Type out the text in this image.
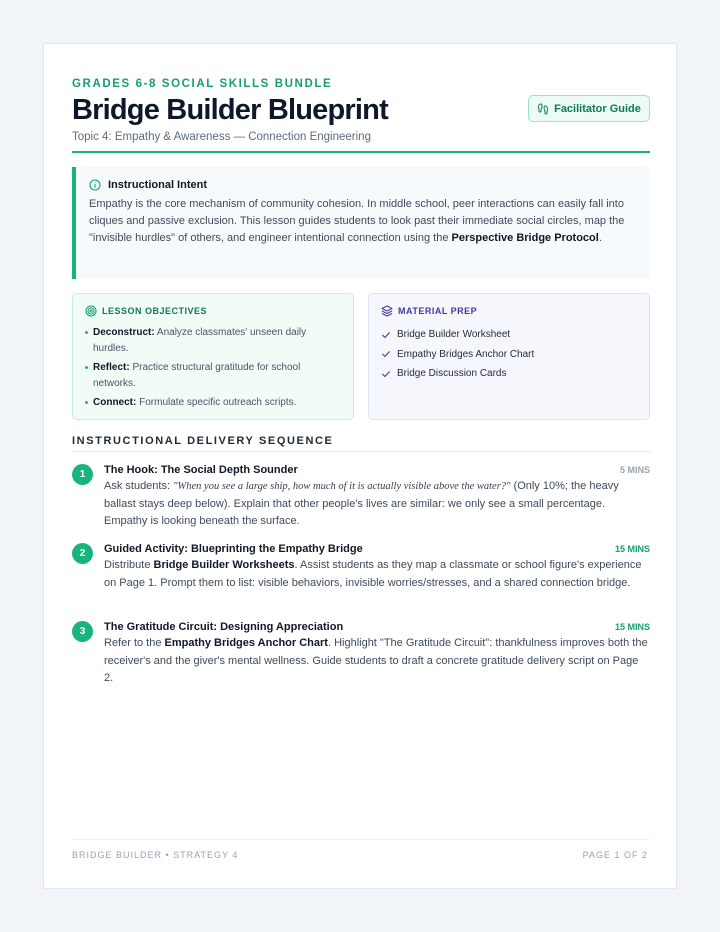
GRADES 6-8 SOCIAL SKILLS BUNDLE
Bridge Builder Blueprint
Topic 4: Empathy & Awareness — Connection Engineering
Facilitator Guide
Instructional Intent
Empathy is the core mechanism of community cohesion. In middle school, peer interactions can easily fall into cliques and passive exclusion. This lesson guides students to look past their immediate social circles, map the "invisible hurdles" of others, and engineer intentional connection using the Perspective Bridge Protocol.
LESSON OBJECTIVES
Deconstruct: Analyze classmates' unseen daily hurdles.
Reflect: Practice structural gratitude for school networks.
Connect: Formulate specific outreach scripts.
MATERIAL PREP
Bridge Builder Worksheet
Empathy Bridges Anchor Chart
Bridge Discussion Cards
INSTRUCTIONAL DELIVERY SEQUENCE
1	The Hook: The Social Depth Sounder	5 MINS
Ask students: "When you see a large ship, how much of it is actually visible above the water?" (Only 10%; the heavy ballast stays deep below). Explain that other people's lives are similar: we only see a small percentage. Empathy is looking beneath the surface.
2	Guided Activity: Blueprinting the Empathy Bridge	15 MINS
Distribute Bridge Builder Worksheets. Assist students as they map a classmate or school figure's experience on Page 1. Prompt them to list: visible behaviors, invisible worries/stresses, and a shared connection bridge.
3	The Gratitude Circuit: Designing Appreciation	15 MINS
Refer to the Empathy Bridges Anchor Chart. Highlight "The Gratitude Circuit": thankfulness improves both the receiver's and the giver's mental wellness. Guide students to draft a concrete gratitude delivery script on Page 2.
BRIDGE BUILDER • STRATEGY 4	PAGE 1 OF 2
